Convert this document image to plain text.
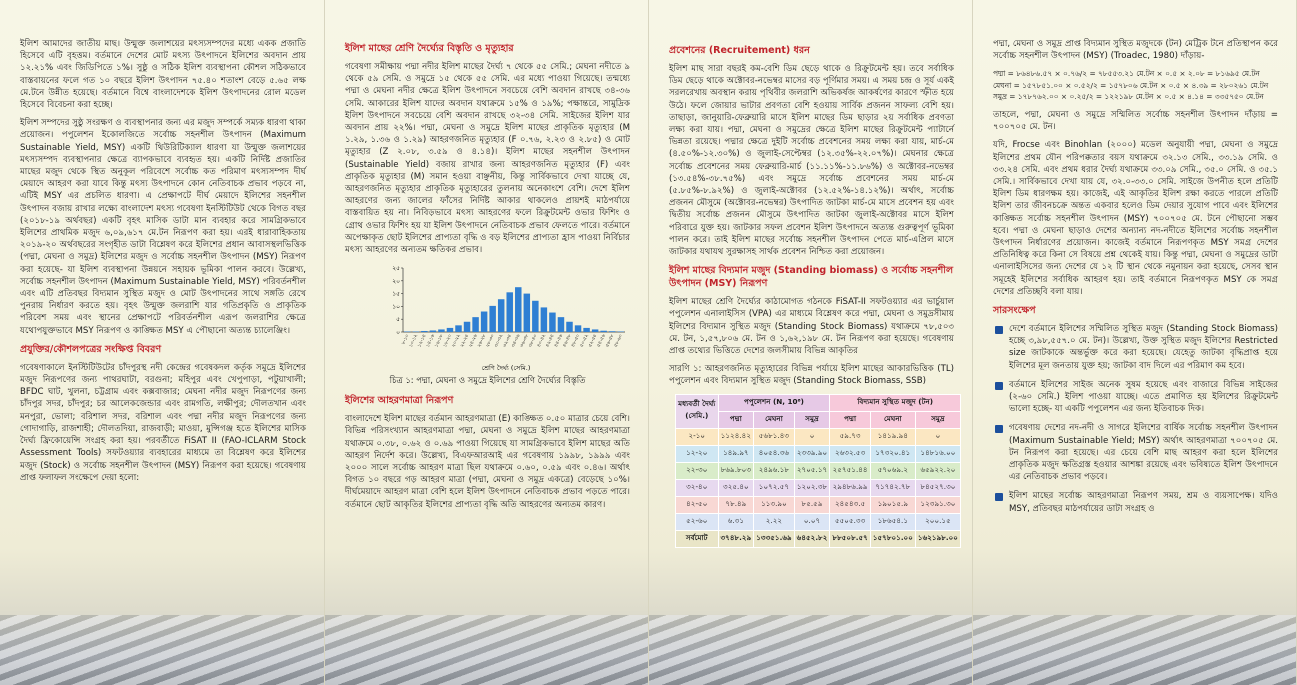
ইলিশ আমাদের জাতীয় মাছ। উন্মুক্ত জলাশয়ের মৎস্যসম্পদের মধ্যে একক প্রজাতি হিসেবে এটি বৃহত্তম। বর্তমানে দেশের মোট মৎস্য উৎপাদনে ইলিশের অবদান প্রায় ১২.২১% এবং জিডিপিতে ১%। সুষ্ঠু ও সঠিক ইলিশ ব্যবস্থাপনা কৌশল সঠিকভাবে বাস্তবায়নের ফলে গত ১০ বছরে ইলিশ উৎপাদন ৭৫.৪০ শতাংশ বেড়ে ৫.৬৫ লক্ষ মে.টনে উন্নীত হয়েছে। বর্তমানে বিশ্বে বাংলাদেশকে ইলিশ উৎপাদনের রোল মডেল হিসেবে বিবেচনা করা হচ্ছে।

ইলিশ সম্পদের সুষ্ঠু সংরক্ষণ ও ব্যবস্থাপনার জন্য এর মজুদ সম্পর্কে সম্যক ধারণা থাকা প্রয়োজন। পপুলেশন ইকোলজিতে সর্বোচ্চ সহনশীল উৎপাদন (Maximum Sustainable Yield, MSY) একটি থিউরিটিক্যাল ধারণা যা উন্মুক্ত জলাশয়ের মৎস্যসম্পদ ব্যবস্থাপনার ক্ষেত্রে ব্যাপকভাবে ব্যবহৃত হয়। একটি নির্দিষ্ট প্রজাতির মাছের মজুদ থেকে স্থিত অনুকূল পরিবেশে সর্বোচ্চ কত পরিমাণ মৎস্যসম্পদ দীর্ঘ মেয়াদে আহরণ করা যাবে কিন্তু মৎস্য উৎপাদনে কোন নেতিবাচক প্রভাব পড়বে না, এটিই MSY এর প্রচলিত ধারণা। এ প্রেক্ষাপটে দীর্ঘ মেয়াদে ইলিশের সহনশীল উৎপাদন বজায় রাখার লক্ষ্যে বাংলাদেশ মৎস্য গবেষণা ইনস্টিটিউট থেকে বিগত বছর (২০১৮-১৯ অর্থবছর) একটি বৃহৎ মাসিক ডাটা মান ব্যবহার করে সামগ্রিকভাবে ইলিশের প্রাথমিক মজুদ ৬,০৯,৬১৭ মে.টন নিরূপণ করা হয়। এরই ধারাবাহিকতায় ২০১৯-২০ অর্থবছরের সংগৃহীত ডাটা বিশ্লেষণ করে ইলিশের প্রধান আবাসস্থলভিত্তিক (পদ্মা, মেঘনা ও সমুদ্র) ইলিশের মজুদ ও সর্বোচ্চ সহনশীল উৎপাদন (MSY) নিরূপণ করা হয়েছে- যা ইলিশ ব্যবস্থাপনা উন্নয়নে সহায়ক ভূমিকা পালন করবে। উল্লেখ্য, সর্বোচ্চ সহনশীল উৎপাদন (Maximum Sustainable Yield, MSY) পরিবর্তনশীল এবং এটি প্রতিবছর বিদ্যমান সুস্থিত মজুদ ও মোট উৎপাদনের সাথে সঙ্গতি রেখে পুনরায় নির্ধারণ করতে হয়। বৃহৎ উন্মুক্ত জলরাশি যার গতিপ্রকৃতি ও প্রাকৃতিক পরিবেশ সময় এবং স্থানের প্রেক্ষাপটে পরিবর্তনশীল এরূপ জলরাশির ক্ষেত্রে যথোপযুক্তভাবে MSY নিরূপণ ও কাঙ্ক্ষিত MSY এ পৌছানো অত্যন্ত চ্যালেঞ্জিং।

প্রযুক্তির/কৌশলপত্রের সংক্ষিপ্ত বিবরণ

গবেষণাকালে ইনস্টিটিউটের চাঁদপুরস্থ নদী কেন্দ্রের গবেষকদল কর্তৃক সমুদ্রে ইলিশের মজুদ নিরূপণের জন্য পাথরঘাটা, বরগুনা; মহিপুর এবং খেপুপাড়া, পটুয়াখালী; BFDC ঘাট, খুলনা, চট্টগ্রাম এবং কক্সবাজার; মেঘনা নদীর মজুদ নিরূপণের জন্য চাঁদপুর সদর, চাঁদপুর; চর আলেকজেন্ডার এবং রামগতি, লক্ষীপুর; দৌলতখান এবং মনপুরা, ভোলা; বরিশাল সদর, বরিশাল এবং পদ্মা নদীর মজুদ নিরূপণের জন্য গোদাগাড়ি, রাজশাহী; দৌলতদিয়া, রাজবাড়ী; মাওয়া, মুন্সিগঞ্জ হতে ইলিশের মাসিক দৈর্ঘ্য ফ্রিকোয়েন্সি সংগ্রহ করা হয়। পরবর্তীতে FiSAT II (FAO-ICLARM Stock Assessment Tools) সফটওয়্যার ব্যবহারের মাধ্যমে তা বিশ্লেষণ করে ইলিশের মজুদ (Stock) ও সর্বোচ্চ সহনশীল উৎপাদন (MSY) নিরূপণ করা হয়েছে। গবেষণায় প্রাপ্ত ফলাফল সংক্ষেপে দেয়া হলো:

ইলিশ মাছের শ্রেণি দৈর্ঘ্যের বিস্তৃতি ও মৃত্যুহার

গবেষণা সমীক্ষায় পদ্মা নদীর ইলিশ মাছের দৈর্ঘ্য ৭ থেকে ৫৫ সেমি.; মেঘনা নদীতে ৯ থেকে ৫৯ সেমি. ও সমুদ্রে ১৫ থেকে ৫৫ সেমি. এর মধ্যে পাওয়া গিয়েছে। তন্মধ্যে পদ্মা ও মেঘনা নদীর ক্ষেত্রে ইলিশ উৎপাদনে সবচেয়ে বেশি অবদান রাখছে ৩৪-৩৬ সেমি. আকারের ইলিশ যাদের অবদান যথাক্রমে ১৫% ও ১৯%; পক্ষান্তরে, সামুদ্রিক ইলিশ উৎপাদনে সবচেয়ে বেশি অবদান রাখছে ৩২-৩৪ সেমি. সাইজের ইলিশ যার অবদান প্রায় ২২%। পদ্মা, মেঘনা ও সমুদ্রে ইলিশ মাছের প্রাকৃতিক মৃত্যুহার (M ১.২৯, ১.৩৬ ও ১.২৯) আহরণজনিত মৃত্যুহার (F ০.৭৬, ২.২৩ ও ২.৮৫) ও মোট মৃত্যুহার (Z ২.০৮, ৩.৫৯ ও ৪.১৪)। ইলিশ মাছের সহনশীল উৎপাদন (Sustainable Yield) বজায় রাখার জন্য আহরণজনিত মৃত্যুহার (F) এবং প্রাকৃতিক মৃত্যুহার (M) সমান হওয়া বাঞ্ছনীয়, কিন্তু সার্বিকভাবে দেখা যাচ্ছে যে, আহরণজনিত মৃত্যুহার প্রাকৃতিক মৃত্যুহারের তুলনায় অনেকাংশে বেশি। দেশে ইলিশ আহরণের জন্য জালের ফাঁসের নির্দিষ্ট আকার থাকলেও প্রায়শই মাঠপর্যায়ে বাস্তবায়িত হয় না। নিবিড়ভাবে মৎস্য আহরণের ফলে রিক্রুটমেন্ট ওভার ফিশিং ও গ্রোথ ওভার ফিশিং হয় যা ইলিশ উৎপাদনে নেতিবাচক প্রভাব ফেলতে পারে। বর্তমানে অপেক্ষাকৃত ছোট ইলিশের প্রাপ্যতা বৃদ্ধি ও বড় ইলিশের প্রাপ্যতা হ্রাস পাওয়া নির্বিচার মৎস্য আহরণের অন্যতম ক্ষতিকর প্রভাব।

০
৫
১০
১৫
২০
২৫
৮-১০
১০-১২
১২-১৪
১৪-১৬
১৬-১৮
১৮-২০
২০-২২
২২-২৪
২৪-২৬
২৬-২৮
২৮-৩০
৩০-৩২
৩২-৩৪
৩৪-৩৬
৩৬-৩৮
৩৮-৪০
৪০-৪২
৪২-৪৪
৪৪-৪৬
৪৬-৪৮
৪৮-৫০
৫০-৫২
৫২-৫৪
৫৪-৫৬
৫৬-৫৮
৫৮-৬০
শ্রেণি দৈর্ঘ্য (সেমি.)
চিত্র ১: পদ্মা, মেঘনা ও সমুদ্রে ইলিশের শ্রেণি দৈর্ঘ্যের বিস্তৃতি
ইলিশের আহরণমাত্রা নিরূপণ

বাংলাদেশে ইলিশ মাছের বর্তমান আহরণমাত্রা (E) কাঙ্ক্ষিত ০.৫০ মাত্রার চেয়ে বেশি। বিভিন্ন পরিসংখ্যান আহরণমাত্রা পদ্মা, মেঘনা ও সমুদ্রে ইলিশ মাছের আহরণমাত্রা যথাক্রমে ০.৩৮, ০.৬২ ও ০.৬৯ পাওয়া গিয়েছে যা সামগ্রিকভাবে ইলিশ মাছের অতি আহরণ নির্দেশ করে। উল্লেখ্য, বিএফআরআই এর গবেষণায় ১৯৯৮, ১৯৯৯ এবং ২০০০ সালে সর্বোচ্চ আহরণ মাত্রা ছিল যথাক্রমে ০.৬০, ০.৫৯ এবং ০.৪৬। অর্থাৎ বিগত ১০ বছরে গড় আহরণ মাত্রা (পদ্মা, মেঘনা ও সমুদ্র একত্রে) বেড়েছে ১০%। দীর্ঘমেয়াদে আহরণ মাত্রা বেশি হলে ইলিশ উৎপাদনে নেতিবাচক প্রভাব পড়তে পারে। বর্তমানে ছোট আকৃতির ইলিশের প্রাপ্যতা বৃদ্ধি অতি আহরণের অন্যতম কারণ।

প্রবেশনের (Recruitement) ধরন

ইলিশ মাছ সারা বছরই কম-বেশি ডিম ছেড়ে থাকে ও রিক্রুটমেন্ট হয়। তবে সর্বাধিক ডিম ছেড়ে থাকে অক্টোবর-নভেম্বর মাসের বড় পূর্ণিমার সময়। এ সময় চন্দ্র ও সূর্য একই সরলরেখায় অবস্থান করায় পৃথিবীর জলরাশি অভিকর্ষজ আকর্ষণের কারণে স্ফীত হয়ে উঠে। ফলে জোয়ার ভাটার প্রবণতা বেশি হওয়ায় সার্বিক প্রজনন সাফল্য বেশি হয়। তাছাড়া, জানুয়ারি-ফেব্রুয়ারি মাসে ইলিশ মাছের ডিম ছাড়ার ২য় সর্বাধিক প্রবণতা লক্ষ্য করা যায়। পদ্মা, মেঘনা ও সমুদ্রের ক্ষেত্রে ইলিশ মাছের রিক্রুটমেন্ট প্যাটার্নে ভিন্নতা রয়েছে। পদ্মার ক্ষেত্রে দুইটি সর্বোচ্চ প্রবেশনের সময় লক্ষ্য করা যায়, মার্চ-মে (৪.৫০%-১২.৩০%) ও জুলাই-সেপ্টেম্বর (১২.৩৫%-২২.০৭%)। মেঘনার ক্ষেত্রে সর্বোচ্চ প্রবেশনের সময় ফেব্রুয়ারি-মার্চ (১১.১১%-১১.৮৬%) ও অক্টোবর-নভেম্বর (১৩.৫৪%-৩৮.৭৫%) এবং সমুদ্রে সর্বোচ্চ প্রবেশনের সময় মার্চ-মে (৫.৮৫%-৮.৯২%) ও জুলাই-অক্টোবর (১২.৫২%-১৪.১২%)। অর্থাৎ, সর্বোচ্চ প্রজনন মৌসুমে (অক্টোবর-নভেম্বর) উৎপাদিত জাটকা মার্চ-মে মাসে প্রবেশন হয় এবং দ্বিতীয় সর্বোচ্চ প্রজনন মৌসুমে উৎপাদিত জাটকা জুলাই-অক্টোবর মাসে ইলিশ পরিবারে যুক্ত হয়। জাটকার সফল প্রবেশন ইলিশ উৎপাদনে অত্যন্ত গুরুত্বপূর্ণ ভূমিকা পালন করে। তাই ইলিশ মাছের সর্বোচ্চ সহনশীল উৎপাদন পেতে মার্চ-এপ্রিল মাসে জাটকার যথাযথ সুরক্ষাসহ সার্থক প্রবেশন নিশ্চিত করা প্রয়োজন।

ইলিশ মাছের বিদ্যমান মজুদ (Standing biomass) ও সর্বোচ্চ সহনশীল উৎপাদন (MSY) নিরূপণ

ইলিশ মাছের শ্রেণি দৈর্ঘ্যের কাঠামোগত গঠনকে FiSAT-II সফটওয়্যার এর ভার্চুয়াল পপুলেশন এনালাইসিস (VPA) এর মাধ্যমে বিশ্লেষণ করে পদ্মা, মেঘনা ও সমুদ্রসীমায় ইলিশের বিদ্যমান সুস্থিত মজুদ (Standing Stock Biomass) যথাক্রমে ৭৮,৫০৩ মে. টন, ১,৫৭,৮০৬ মে. টন ও ১,৬২,১৯৮ মে. টন নিরূপণ করা হয়েছে। গবেষণায় প্রাপ্ত তথ্যের ভিত্তিতে দেশের জলসীমায় বিভিন্ন আকৃতির

সারণি ১: আহরণজনিত মৃত্যুহারের বিভিন্ন পর্যায়ে ইলিশ মাছের আকারভিত্তিক (TL) পপুলেশন এবং বিদ্যমান সুস্থিত মজুদ (Standing Stock Biomass, SSB)

মধ্যবর্তী দৈর্ঘ্য (সেমি.)	পপুলেশন (N, 10⁶)			বিদ্যমান সুস্থিত মজুদ (টন)		
	পদ্মা	মেঘনা	সমুদ্র	পদ্মা	মেঘনা	সমুদ্র
২-১০	১১২৪.৪২	৫৬৮১.৪৩	০	৫৯.৭৩	১৪১৯.৯৪	০
১২-২০	১৪৯.৯৭	৪০৫৪.৩৬	২৩৩৯.৯০	২৬৩২.৫৩	১৭৩২০.৪১	১৪৮১৬.০০
২২-৩০	৮৬৯.৮০৩	২৪৯৬.১৮	২৭০৫.১৭	২৫৭৫১.৪৪	৫৭০৬৯.২	৬৫৯২২.২০
৩২-৪০	৩২৫.৪০	১০৭২.৫৭	১২০২.৩৮	২৯৪৮৬.৯৯	৭১৭৪২.৭৮	৮৪৫২৭.৩০
৪২-৫০	৭৮.৪৯	১১৩.৯০	৮৫.৫৯	২৪৫৪৩.৫	১৯০১৫.৯	১২৩৯১.৩০
৫২-৬০	৬.৩১	২.২২	০.০৭	৫৫০৫.৩৩	১৮৬৫৪.১	২০০.১৫
সর্বমোট	৩৭৪৮.২৯	১৩৩৫১.৬৯	৬৪৫২.৮২	৮৮৫০৮.৫৭	১৫৭৮০১.০০	১৬২১৯৮.০০

পদ্মা, মেঘনা ও সমুদ্র প্রাপ্ত বিদ্যমান সুস্থিত মজুদকে (টন) মেট্রিক টনে প্রতিস্থাপন করে সর্বোচ্চ সহনশীল উৎপাদন (MSY) (Troadec, 1980) দাঁড়ায়-

পদ্মা = ৮৬৪৮৬.৫৭ × ০.৭৬/২ = ৭৮৫৫৩.২১ মে.টন × ০.৫ × ২.০৮ = ৮১৬৯৫ মে.টন
মেঘনা = ১৫৭৮৫১.০০ × ০.৫২/২ = ১৫৭৮০৬ মে.টন × ০.৫ × ৪.৩৯ = ২৮০২৬১ মে.টন
সমুদ্র = ১৭৮৭৬২.০০ × ০.২৫/২ = ১২২১৯৮ মে.টন × ০.৫ × ৪.১৪ = ৩৩৫৭৫০ মে.টন

তাহলে, পদ্মা, মেঘনা ও সমুদ্রে সম্মিলিত সর্বোচ্চ সহনশীল উৎপাদন দাঁড়ায় = ৭০০৭০৫ মে. টন।

যদি, Frocse এবং Binohlan (২০০০) মডেল অনুযায়ী পদ্মা, মেঘনা ও সমুদ্রে ইলিশের প্রথম যৌন পরিপক্কতার বয়স যথাক্রমে ৩২.১৩ সেমি., ৩৩.১৯ সেমি. ও ৩৩.২৪ সেমি. এবং প্রথম ধরার দৈর্ঘ্য যথাক্রমে ৩৩.০৯ সেমি., ৩৫.০ সেমি. ও ৩৫.১ সেমি.। সার্বিকভাবে দেখা যায় যে, ৩২.০-৩৩.০ সেমি. সাইজে উপনীত হলে প্রতিটি ইলিশ ডিম ধারণক্ষম হয়। কাজেই, এই আকৃতির ইলিশ রক্ষা করতে পারলে প্রতিটি ইলিশ তার জীবনচক্রে অন্তত একবার হলেও ডিম দেয়ার সুযোগ পাবে এবং ইলিশের কাঙ্ক্ষিত সর্বোচ্চ সহনশীল উৎপাদন (MSY) ৭০০৭০৫ মে. টনে পৌছানো সম্ভব হবে। পদ্মা ও মেঘনা ছাড়াও দেশের অন্যান্য নদ-নদীতে ইলিশের সর্বোচ্চ সহনশীল উৎপাদন নির্ধারণের প্রয়োজন। কাজেই বর্তমানে নিরূপণকৃত MSY সমগ্র দেশের প্রতিনিধিত্ব করে কিনা সে বিষয়ে প্রশ্ন থেকেই যায়। কিন্তু পদ্মা, মেঘনা ও সমুদ্রের ডাটা এনালাইসিসের জন্য দেশের যে ১২ টি স্থান থেকে নমুনায়ন করা হয়েছে, সেসব স্থান সমূহেই ইলিশের সর্বাধিক আহরণ হয়। তাই বর্তমানে নিরূপণকৃত MSY কে সমগ্র দেশের প্রতিচ্ছবি বলা যায়।

সারসংক্ষেপ

দেশে বর্তমানে ইলিশের সম্মিলিত সুস্থিত মজুদ (Standing Stock Biomass) হচ্ছে ৩,৯৮,৫৫৭.০ মে. টন)। উল্লেখ্য, উক্ত সুস্থিত মজুদ ইলিশের Restricted size জাটকাকে অন্তর্ভুক্ত করে করা হয়েছে। যেহেতু জাটকা বৃদ্ধিপ্রাপ্ত হয়ে ইলিশের মূল জনতায় যুক্ত হয়; জাটকা বাদ দিলে এর পরিমাণ কম হবে।

বর্তমানে ইলিশের সাইজ অনেক সুষম হয়েছে এবং বাজারে বিভিন্ন সাইজের (২-৬০ সেমি.) ইলিশ পাওয়া যাচ্ছে। এতে প্রমাণিত হয় ইলিশের রিক্রুটমেন্ট ভালো হচ্ছে- যা একটি পপুলেশন এর জন্য ইতিবাচক দিক।

গবেষণায় দেশের নদ-নদী ও সাগরে ইলিশের বার্ষিক সর্বোচ্চ সহনশীল উৎপাদন (Maximum Sustainable Yield; MSY) অর্থাৎ আহরণমাত্রা ৭০০৭০৫ মে. টন নিরূপণ করা হয়েছে। এর চেয়ে বেশি মাছ আহরণ করা হলে ইলিশের প্রাকৃতিক মজুদ ক্ষতিগ্রস্ত হওয়ার আশঙ্কা রয়েছে এবং ভবিষ্যতে ইলিশ উৎপাদনে এর নেতিবাচক প্রভাব পড়বে।

ইলিশ মাছের সর্বোচ্চ আহরণমাত্রা নিরূপণ সময়, শ্রম ও ব্যয়সাপেক্ষ। যদিও MSY, প্রতিবছর মাঠপর্যায়ের ডাটা সংগ্রহ ও
